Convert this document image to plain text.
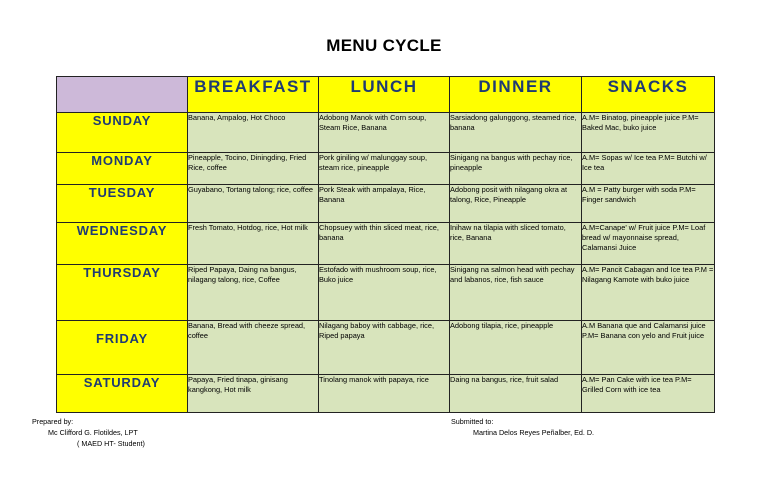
MENU CYCLE
	BREAKFAST	LUNCH	DINNER	SNACKS
SUNDAY	Banana, Ampalog, Hot Choco	Adobong Manok with Corn soup, Steam Rice, Banana	Sarsiadong galunggong, steamed rice, banana	A.M= Binatog, pineapple juice P.M= Baked Mac, buko juice
MONDAY	Pineapple, Tocino, Diningding, Fried Rice, coffee	Pork giniling w/ malunggay soup, steam rice, pineapple	Sinigang na bangus with pechay rice, pineapple	A.M= Sopas w/ Ice tea P.M= Butchi w/ Ice tea
TUESDAY	Guyabano, Tortang talong; rice, coffee	Pork Steak with ampalaya, Rice, Banana	Adobong posit with nilagang okra at talong, Rice, Pineapple	A.M = Patty burger with soda P.M= Finger sandwich
WEDNESDAY	Fresh Tomato, Hotdog, rice, Hot milk	Chopsuey with thin sliced meat, rice, banana	Inihaw na tilapia with sliced tomato, rice, Banana	A.M=Canape' w/ Fruit juice P.M= Loaf bread w/ mayonnaise spread, Calamansi Juice
THURSDAY	Riped Papaya, Daing na bangus, nilagang talong, rice, Coffee	Estofado with mushroom soup, rice, Buko juice	Sinigang na salmon head with pechay and labanos, rice, fish sauce	A.M= Pancit Cabagan and Ice tea P.M = Nilagang Kamote with buko juice
FRIDAY	Banana, Bread with cheeze spread, coffee	Nilagang baboy with cabbage, rice, Riped papaya	Adobong tilapia, rice, pineapple	A.M Banana que and Calamansi juice P.M= Banana con yelo and Fruit juice
SATURDAY	Papaya, Fried tinapa, ginisang kangkong, Hot milk	Tinolang manok with papaya, rice	Daing na bangus, rice, fruit salad	A.M= Pan Cake with ice tea P.M= Grilled Corn with ice tea
Prepared by:
Mc Clifford G. Flotildes, LPT
( MAED HT- Student)
Submitted to:
Martina Delos Reyes Peñalber, Ed. D.
